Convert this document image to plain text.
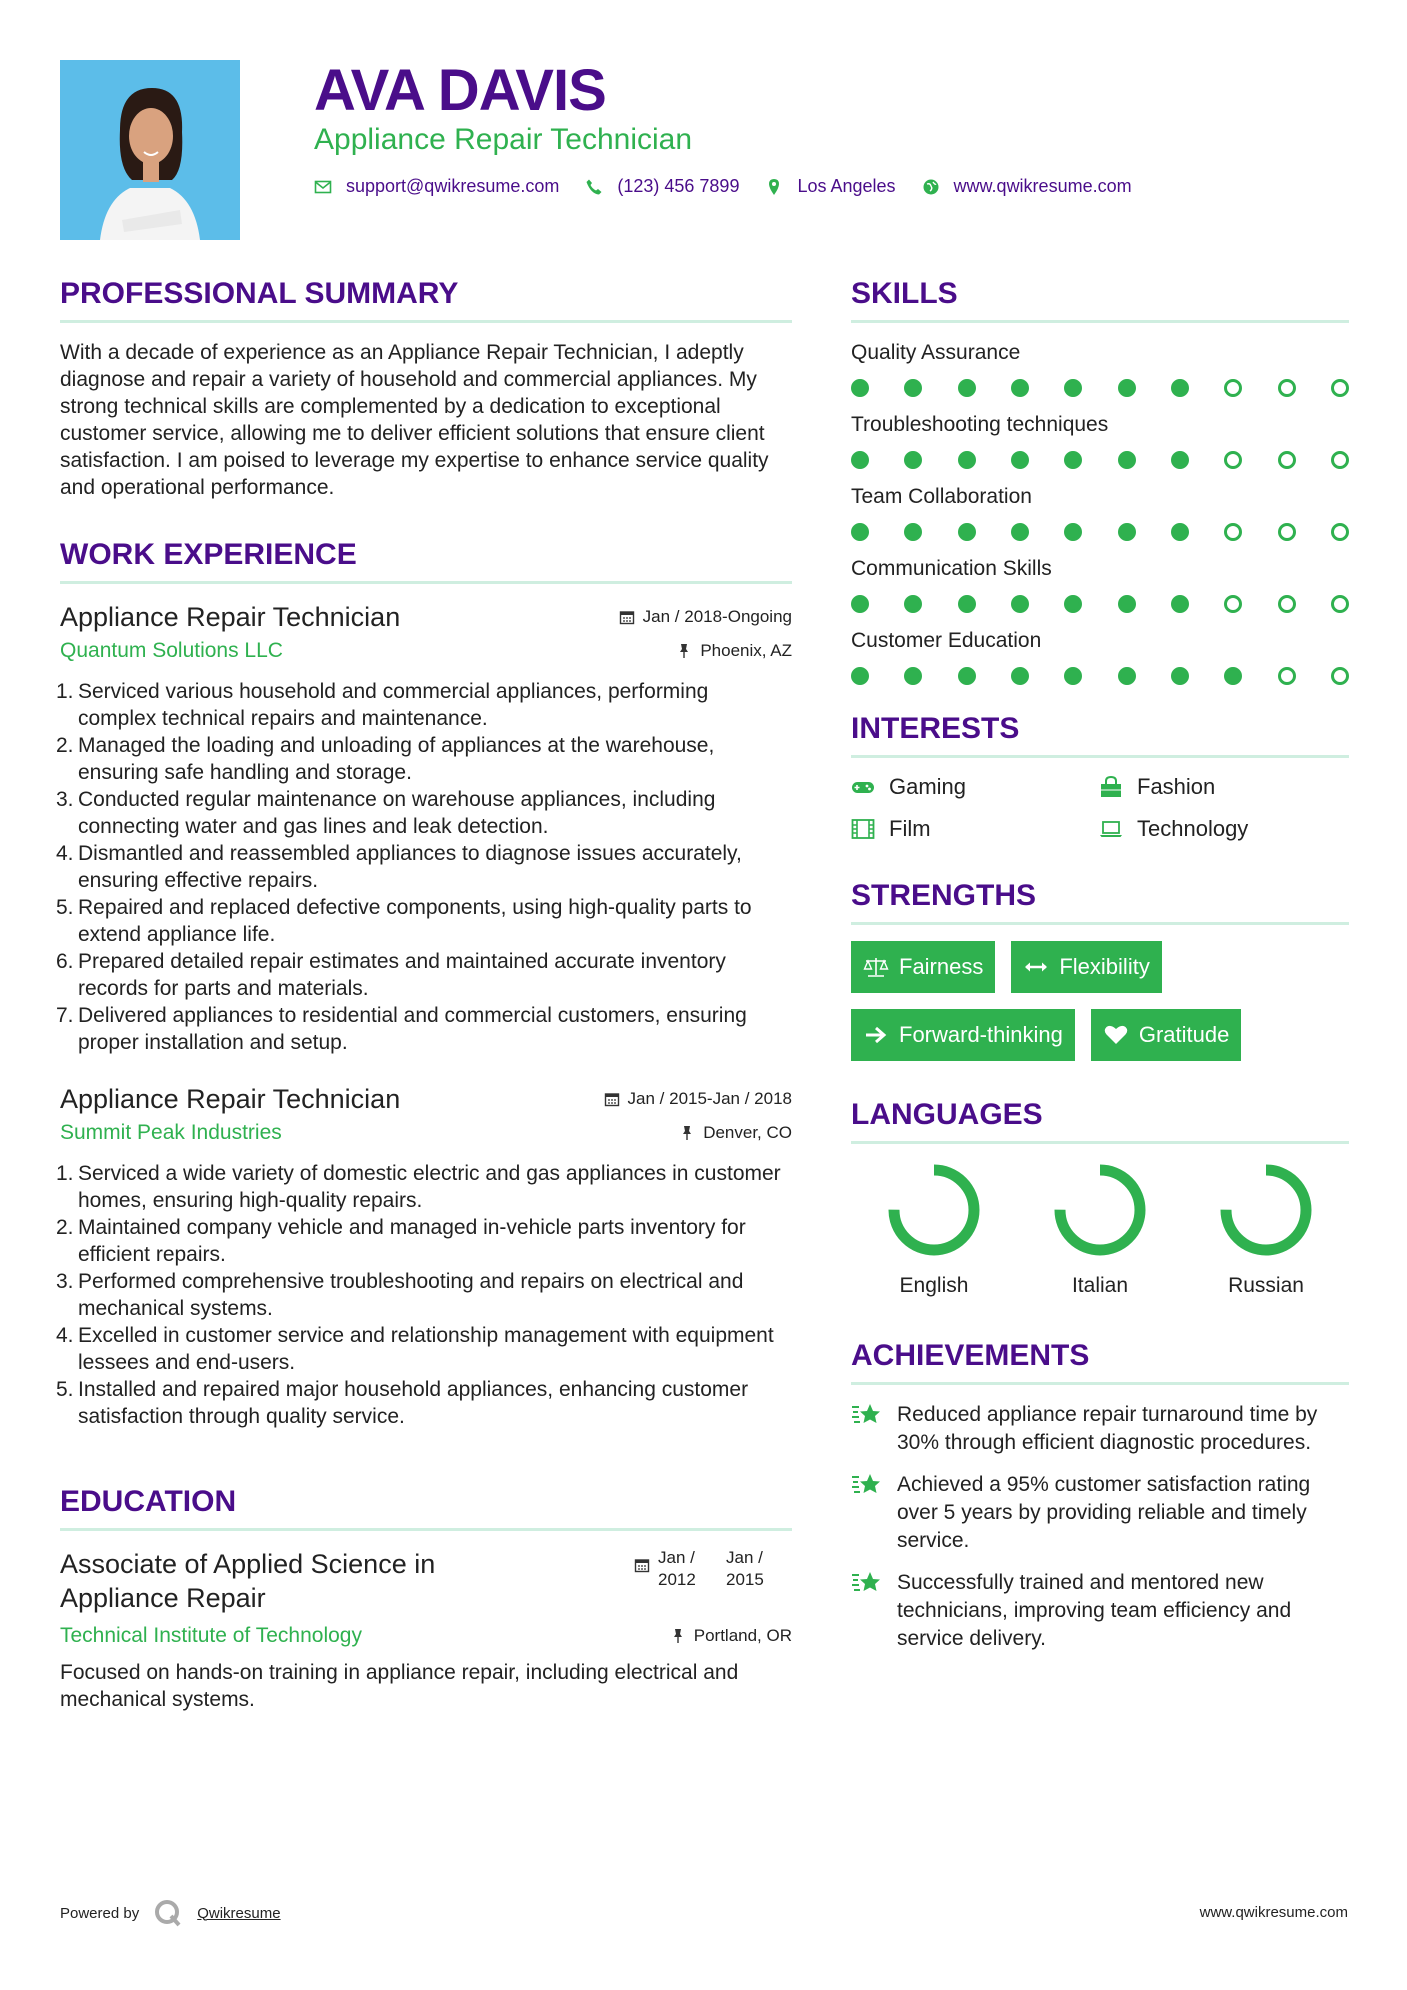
AVA DAVIS
Appliance Repair Technician
support@qwikresume.com	(123) 456 7899	Los Angeles	www.qwikresume.com
PROFESSIONAL SUMMARY
With a decade of experience as an Appliance Repair Technician, I adeptly diagnose and repair a variety of household and commercial appliances. My strong technical skills are complemented by a dedication to exceptional customer service, allowing me to deliver efficient solutions that ensure client satisfaction. I am poised to leverage my expertise to enhance service quality and operational performance.
WORK EXPERIENCE
Appliance Repair Technician	Jan / 2018-Ongoing
Quantum Solutions LLC	Phoenix, AZ
1. Serviced various household and commercial appliances, performing complex technical repairs and maintenance.
2. Managed the loading and unloading of appliances at the warehouse, ensuring safe handling and storage.
3. Conducted regular maintenance on warehouse appliances, including connecting water and gas lines and leak detection.
4. Dismantled and reassembled appliances to diagnose issues accurately, ensuring effective repairs.
5. Repaired and replaced defective components, using high-quality parts to extend appliance life.
6. Prepared detailed repair estimates and maintained accurate inventory records for parts and materials.
7. Delivered appliances to residential and commercial customers, ensuring proper installation and setup.
Appliance Repair Technician	Jan / 2015-Jan / 2018
Summit Peak Industries	Denver, CO
1. Serviced a wide variety of domestic electric and gas appliances in customer homes, ensuring high-quality repairs.
2. Maintained company vehicle and managed in-vehicle parts inventory for efficient repairs.
3. Performed comprehensive troubleshooting and repairs on electrical and mechanical systems.
4. Excelled in customer service and relationship management with equipment lessees and end-users.
5. Installed and repaired major household appliances, enhancing customer satisfaction through quality service.
EDUCATION
Associate of Applied Science in Appliance Repair
Jan / 2012
Jan / 2015
Technical Institute of Technology	Portland, OR
Focused on hands-on training in appliance repair, including electrical and mechanical systems.
SKILLS
Quality Assurance
Troubleshooting techniques
Team Collaboration
Communication Skills
Customer Education
INTERESTS
Gaming	Fashion
Film	Technology
STRENGTHS
Fairness	Flexibility
Forward-thinking	Gratitude
LANGUAGES
English	Italian	Russian
ACHIEVEMENTS
Reduced appliance repair turnaround time by 30% through efficient diagnostic procedures.
Achieved a 95% customer satisfaction rating over 5 years by providing reliable and timely service.
Successfully trained and mentored new technicians, improving team efficiency and service delivery.
Powered by	Qwikresume	www.qwikresume.com
